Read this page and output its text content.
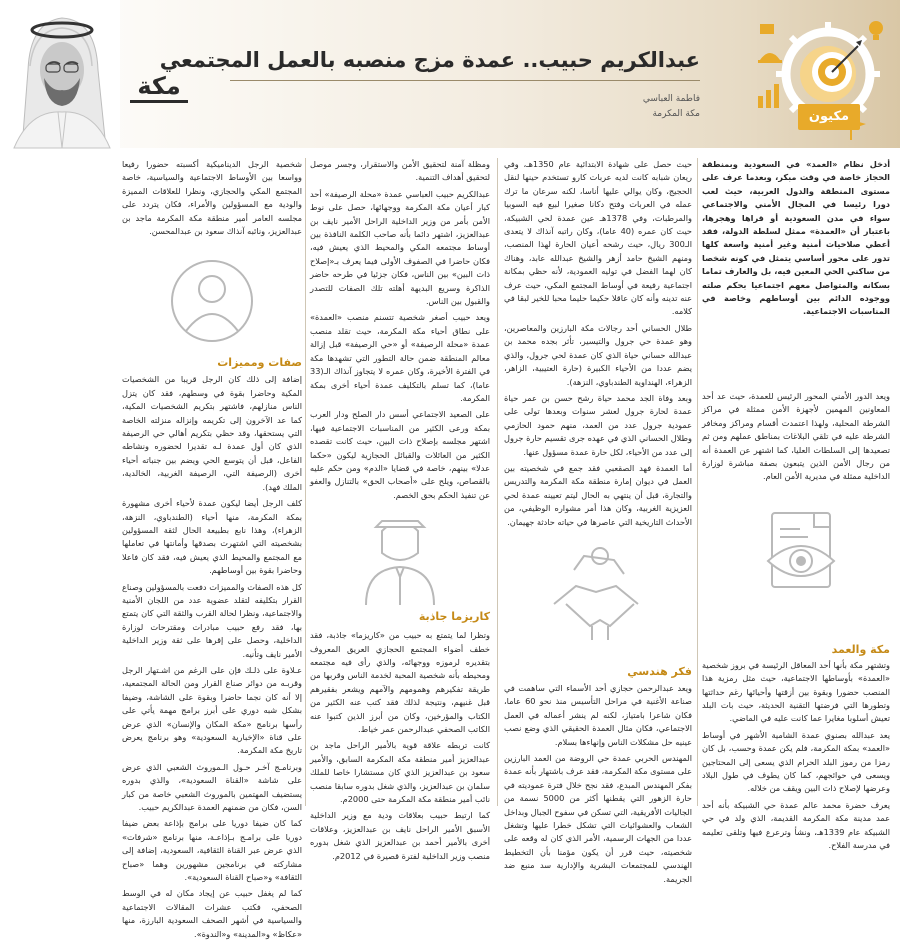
مكة
عبدالكريم حبيب.. عمدة مزج منصبه بالعمل المجتمعي
فاطمة العباسي
مكة المكرمة	مكيون

أدخل نظام «العمد» في السعودية وبمنطقة الحجاز خاصة في وقت مبكر، وبعدما عرف على مستوى المنطقة والدول العربية، حيث لعب دورا رئيسا في المجال الأمني والاجتماعي سواء في مدن السعودية أو قراها وهجرها، باعتبار أن «العمدة» ممثل لسلطة الدولة، فقد أعطي صلاحيات أمنية وغير أمنية واسعة كلها تدور على محور أساسي يتمثل في كونه شخصا من ساكني الحي المعين فيه، بل والعارف تماما بسكانه والمتواصل معهم اجتماعيا بحكم صلته ووجوده الدائم بين أوساطهم وخاصة في المناسبات الاجتماعية.

ويعد الدور الأمني المحور الرئيس للعمدة، حيث عد أحد المعاونين المهمين لأجهزة الأمن ممثلة في مراكز الشرطة المحلية، ولهذا اعتمدت أقسام ومراكز ومخافر الشرطة عليه في تلقي البلاغات بمناطق عملهم ومن ثم تصعيدها إلى السلطات العليا، كما اشتهر عن العمدة أنه من رجال الأمن الذين يتبعون بصفة مباشرة لوزارة الداخلية ممثلة في مديرية الأمن العام.

مكة والعمد

وتشتهر مكة بأنها أحد المعاقل الرئيسة في بروز شخصية «العمدة» بأوساطها الاجتماعية، حيث مثل رمزية هذا المنصب حضورا وبقوة بين أزقتها وأحيائها رغم حداثتها وتطورها التي فرضتها التقنية الحديثة، حيث بات البلد تعيش أسلوبا مغايرا عما كانت عليه في الماضي.

يعد عبدالله بصنوي عمدة الشامية الأشهر في أوساط «العمد» بمكة المكرمة، فلم يكن عمدة وحسب، بل كان رمزا من رموز البلد الحرام الذي يسعى إلى المحتاجين ويسعى في حوائجهم، كما كان يطوف في طول البلاد وعرضها لإصلاح ذات البين ويقف من خلاله.

يعرف حضرة محمد عالم عمدة حي الشبيكة بأنه أحد عمد مدينة مكة المكرمة القديمة، الذي ولد في حي الشبيكة عام 1339هـ، ونشأ وترعرع فيها وتلقى تعليمه في مدرسة الفلاح.

حيث حصل على شهادة الابتدائية عام 1350هـ، وفي ريعان شبابه كانت لديه عربات كارو تستخدم حينها لنقل الحجيج، وكان يوالي عليها أناسا، لكنه سرعان ما ترك عمله في العربات وفتح دكانا صغيرا لبيع فيه السوبيا والمرطبات، وفي 1378هـ عين عمدة لحي الشبيكة، حيث كان عمره (40 عاما)، وكان راتبه آنذاك لا يتعدى الـ300 ريال، حيث رشحه أعيان الحارة لهذا المنصب، ومنهم الشيخ حامد أزهر والشيخ عبدالله عابد، وهناك كان لهما الفضل في توليه العمودية، لأنه حظي بمكانة اجتماعية رفيعة في أوساط المجتمع المكي، حيث عرف عنه تدينه وأنه كان عاقلا حكيما حليما محبا للخير لبقا في كلامه.

طلال الحساني أحد رجالات مكة البارزين والمعاصرين، وهو عمدة حي جرول والتيسير، تأثر بجده محمد بن عبدالله حساني حياة الذي كان عمدة لحي جرول، والذي يضم عددا من الأحياء الكبيرة (حارة العتيبية، الزاهر، الزهراء، الهنداوية الطندباوي، النزهة).

وبعد وفاة الجد محمد حياة رشح حسن بن عمر حياة عمدة لحارة جرول لعشر سنوات وبعدها تولى على عمودية جرول عدد من العمد، منهم حمود الحازمي وطلال الحساني الذي في عهده جرى تقسيم حارة جرول إلى عدد من الأحياء، لكل حارة عمدة مسؤول عنها.

أما العمدة فهد الصقعبي فقد جمع في شخصيته بين العمل في ديوان إمارة منطقة مكة المكرمة والتدريس والتجارة، قبل أن ينتهي به الحال ليتم تعيينه عمدة لحي العزيزية الغربية، وكان هذا أمر مشواره الوظيفي، من الأحداث التاريخية التي عاصرها في حياته حادثة جهيمان.

فكر هندسي

ويعد عبدالرحمن حجازي أحد الأسماء التي ساهمت في صناعة الأغنية في مراحل التأسيس منذ نحو 60 عاما، فكان شاعرا بامتياز، لكنه لم ينشر أعماله في العمل الاجتماعي، فكان مثال العمدة الحقيقي الذي وضع نصب عينيه حل مشكلات الناس وإنهاءها بسلام.

المهندس الحربي عمدة حي الروضة من العمد البارزين على مستوى مكة المكرمة، فقد عرف باشتهار بأنه عمدة بفكر المهندس المبدع، فقد نجح خلال فترة عموديته في حارة الزهور التي يقطنها أكثر من 5000 نسمة من الجاليات الأفريقية، التي تسكن في سفوح الجبال وبداخل الشعاب والعشوائيات التي تشكل خطرا عليها وتشغل عددا من الجهات الرسمية، الأمر الذي كان له وقعه على شخصيته، حيث قرر أن يكون مؤمنا بأن التخطيط الهندسي للمجتمعات البشرية والإدارية سد منبع ضد الجريمة.

ومظلة آمنة لتحقيق الأمن والاستقرار، وجسر موصل لتحقيق أهداف التنمية.

عبدالكريم حبيب العباسي عمدة «محلة الرصيفة» أحد كبار أعيان مكة المكرمة ووجهائها، حصل على نوط الأمن بأمر من وزير الداخلية الراحل الأمير نايف بن عبدالعزيز، اشتهر دائما بأنه صاحب الكلمة النافذة بين أوساط مجتمعه المكي والمحيط الذي يعيش فيه، فكان حاضرا في الصفوف الأولى فيما يعرف بـ«إصلاح ذات البين» بين الناس، فكان جزئيا في طرحه حاضر الذاكرة وسريع البديهة أهلته تلك الصفات للتصدر والقبول بين الناس.

ويعد حبيب أصغر شخصية تتسنم منصب «العمدة» على نطاق أحياء مكة المكرمة، حيث تقلد منصب عمدة «محلة الرصيفة» أو «حي الرصيفة» قبل إزالة معالم المنطقة ضمن حالة التطور التي تشهدها مكة في الفترة الأخيرة، وكان عمره لا يتجاوز آنذاك الـ(33 عاما)، كما تسلم بالتكليف عمدة أحياء أخرى بمكة المكرمة.

على الصعيد الاجتماعي أسس دار الصلح ودار العرب بمكة ورعى الكثير من المناسبات الاجتماعية فيها، اشتهر مجلسه بإصلاح ذات البين، حيث كانت تقصده الكثير من العائلات والقبائل الحجازية ليكون «حكما عدلا» بينهم، خاصة في قضايا «الدم» ومن حكم عليه بالقصاص، ويلح على «أصحاب الحق» بالتنازل والعفو عن تنفيذ الحكم بحق الخصم.

كاريزما جاذبة

وتظرا لما يتمتع به حبيب من «كاريزما» جاذبة، فقد خطف أضواء المجتمع الحجازي العريق المعروف بتقديره لرموزه ووجهائه، والذي رأى فيه مجتمعه ومحيطه بأنه شخصية المحبة لخدمة الناس وقربها من طريقة تفكيرهم وهمومهم والآمهم ويشعر بفقيرهم قبل غنيهم، ونتيجة لذلك فقد كتب عنه الكثير من الكتاب والمؤرخين، وكان من أبرز الذين كتبوا عنه الكاتب الصحفي عبدالرحمن عمر خياط.

كانت تربطه علاقة قوية بالأمير الراحل ماجد بن عبدالعزيز أمير منطقة مكة المكرمة السابق، والأمير سعود بن عبدالعزيز الذي كان مستشارا خاصا للملك سلمان بن عبدالعزيز، والذي شغل بدوره سابقا منصب نائب أمير منطقة مكة المكرمة حتى 2000م.

كما ارتبط حبيب بعلاقات ودية مع وزير الداخلية الأسبق الأمير الراحل نايف بن عبدالعزيز، وعلاقات أخرى بالأمير أحمد بن عبدالعزيز الذي شغل بدوره منصب وزير الداخلية لفترة قصيرة في 2012م.

شخصية الرجل الديناميكية أكسبته حضورا رفيعا وواسعا بين الأوساط الاجتماعية والسياسية، خاصة المجتمع المكي والحجازي، ونظرا للعلاقات المميزة والودية مع المسؤولين والأمراء، فكان يتردد على مجلسه العامر أمير منطقة مكة المكرمة ماجد بن عبدالعزيز، ونائبه آنذاك سعود بن عبدالمحسن.

صفات ومميزات

إضافة إلى ذلك كان الرجل قريبا من الشخصيات المكية وحاضرا بقوة في وسطهم، فقد كان يتزل الناس منازلهم، فاشتهر بتكريم الشخصيات المكية، كما عد الآخرون إلى تكريمه وإنزاله منزلته الخاصة التي يستحقها، وقد حظي بتكريم أهالي حي الرصيفة الذي كان أول عمدة لـه تقديرا لحضوره ونشاطه الفاعل، قبل أن يتوسع الحي ويضم بين جنباته أحياء أخرى (الرصيفة التي، الرصيفة الغربية، الخالدية، الملك فهد).

كلف الرجل أيضا ليكون عمدة لأحياء أخرى مشهورة بمكة المكرمة، منها أحياء (الطندباوي، النزهة، الزهراء)، وهذا نابع بطبيعة الحال لثقة المسؤولين بشخصيته التي اشتهرت بصدقها وأمانتها في تعاملها مع المجتمع والمحيط الذي يعيش فيه، فقد كان فاعلا وحاضرا بقوة بين أوساطهم.

كل هذه الصفات والمميزات دفعت بالمسؤولين وصناع القرار بتكليفه لتقلد عضوية عدد من اللجان الأمنية والاجتماعية، ونظرا لحالة القرب والثقة التي كان يتمتع بها، فقد رفع حبيب مبادرات ومقترحات لوزارة الداخلية، وحصل على إقرها على ثقة وزير الداخلية الأمير نايف وتأنيه.

عـلاوة على ذلـك فإن على الرغم من اشـتهار الرجل وقربـه من دوائر صناع القرار ومن الحالة المجتمعية، إلا أنه كان نجما حاضرا وبقوة على الشاشة، وضيفا بشكل شبه دوري على أبرز برامج مهمة يأتي على رأسها برنامج «مكة المكان والإنسان» الذي عرض على قناة «الإخبارية السعودية» وهو برنامج يعرض تاريخ مكة المكرمة.

وبرنامـج آخـر حـول الـموروث الشعبي الذي عرض على شاشة «القناة السعودية»، والذي بدوره يستضيف المهتمين بالموروث الشعبي خاصة من كبار السن، فكان من ضمنهم العمدة عبدالكريم حبيب.

كما كان ضيفا دوريا على برامج بإذاعة بعض ضيفا دوريا على برامـج بـإذاعـة، منها برنامج «شرفات» الذي عرض عبر القناة الثقافية، السعودية، إضافة إلى مشاركته في برنامجين مشهورين وهما «صباح الثقافة» و«صباح القناة السعودية».

كما لم يغفل حبيب عن إيجاد مكان له في الوسط الصحفي، فكتب عشرات المقالات الاجتماعية والسياسية في أشهر الصحف السعودية البارزة، منها «عكاظ» و«المدينة» و«الندوة».
